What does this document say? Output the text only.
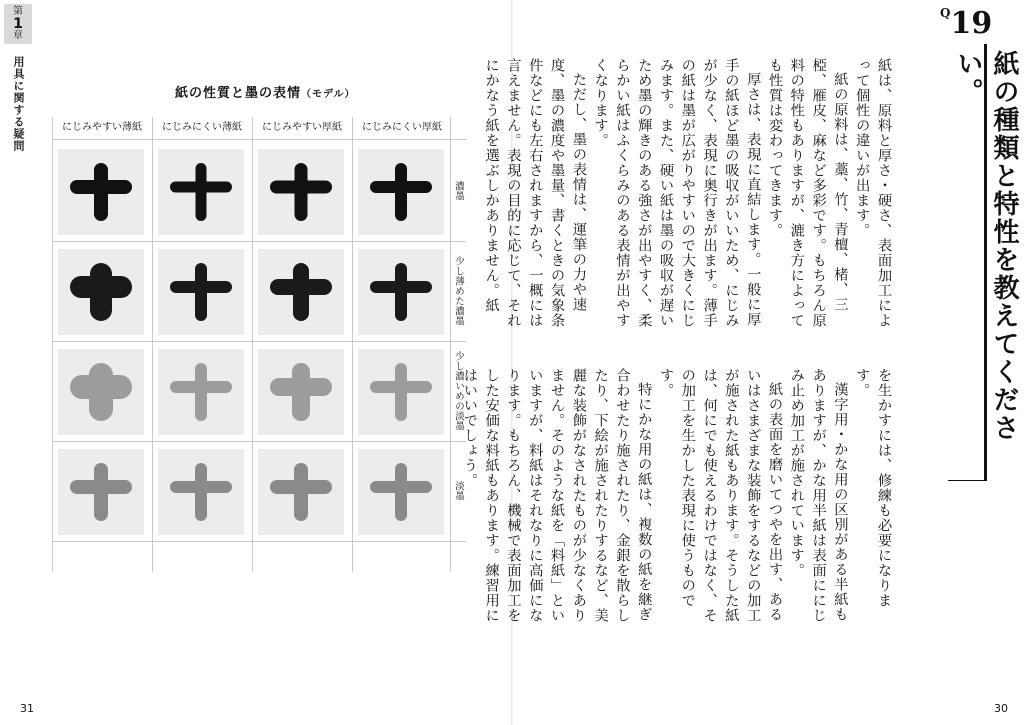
第
1
章
用具に関する疑問	紙の性質と墨の表情（モデル）
にじみやすい薄紙	にじみにくい薄紙	にじみやすい厚紙	にじみにくい厚紙
濃墨
少し薄めた濃墨
少し濃いめの淡墨
淡墨
$^Q$19
紙の種類と特性を教えてください。

紙は、原料と厚さ・硬さ、表面加工によって個性の違いが出ます。

紙の原料は、藁、竹、青檀、楮、三椏、雁皮、麻など多彩です。もちろん原料の特性もありますが、漉き方によっても性質は変わってきます。

厚さは、表現に直結します。一般に厚手の紙ほど墨の吸収がいいため、にじみが少なく、表現に奥行きが出ます。薄手の紙は墨が広がりやすいので大きくにじみます。また、硬い紙は墨の吸収が遅いため墨の輝きのある強さが出やすく、柔らかい紙はふくらみのある表情が出やすくなります。

ただし、墨の表情は、運筆の力や速度、墨の濃度や墨量、書くときの気象条件などにも左右されますから、一概には言えません。表現の目的に応じて、それにかなう紙を選ぶしかありません。紙

を生かすには、修練も必要になります。

漢字用・かな用の区別がある半紙もありますが、かな用半紙は表面ににじみ止め加工が施されています。

紙の表面を磨いてつやを出す、あるいはさまざまな装飾をするなどの加工が施された紙もあります。そうした紙は、何にでも使えるわけではなく、その加工を生かした表現に使うものです。

特にかな用の紙は、複数の紙を継ぎ合わせたり施されたり、金銀を散らしたり、下絵が施されたりするなど、美麗な装飾がなされたものが少なくありません。そのような紙を「料紙」といいますが、料紙はそれなりに高価になります。もちろん、機械で表面加工をした安価な料紙もあります。練習用にはいいでしょう。

31	30
